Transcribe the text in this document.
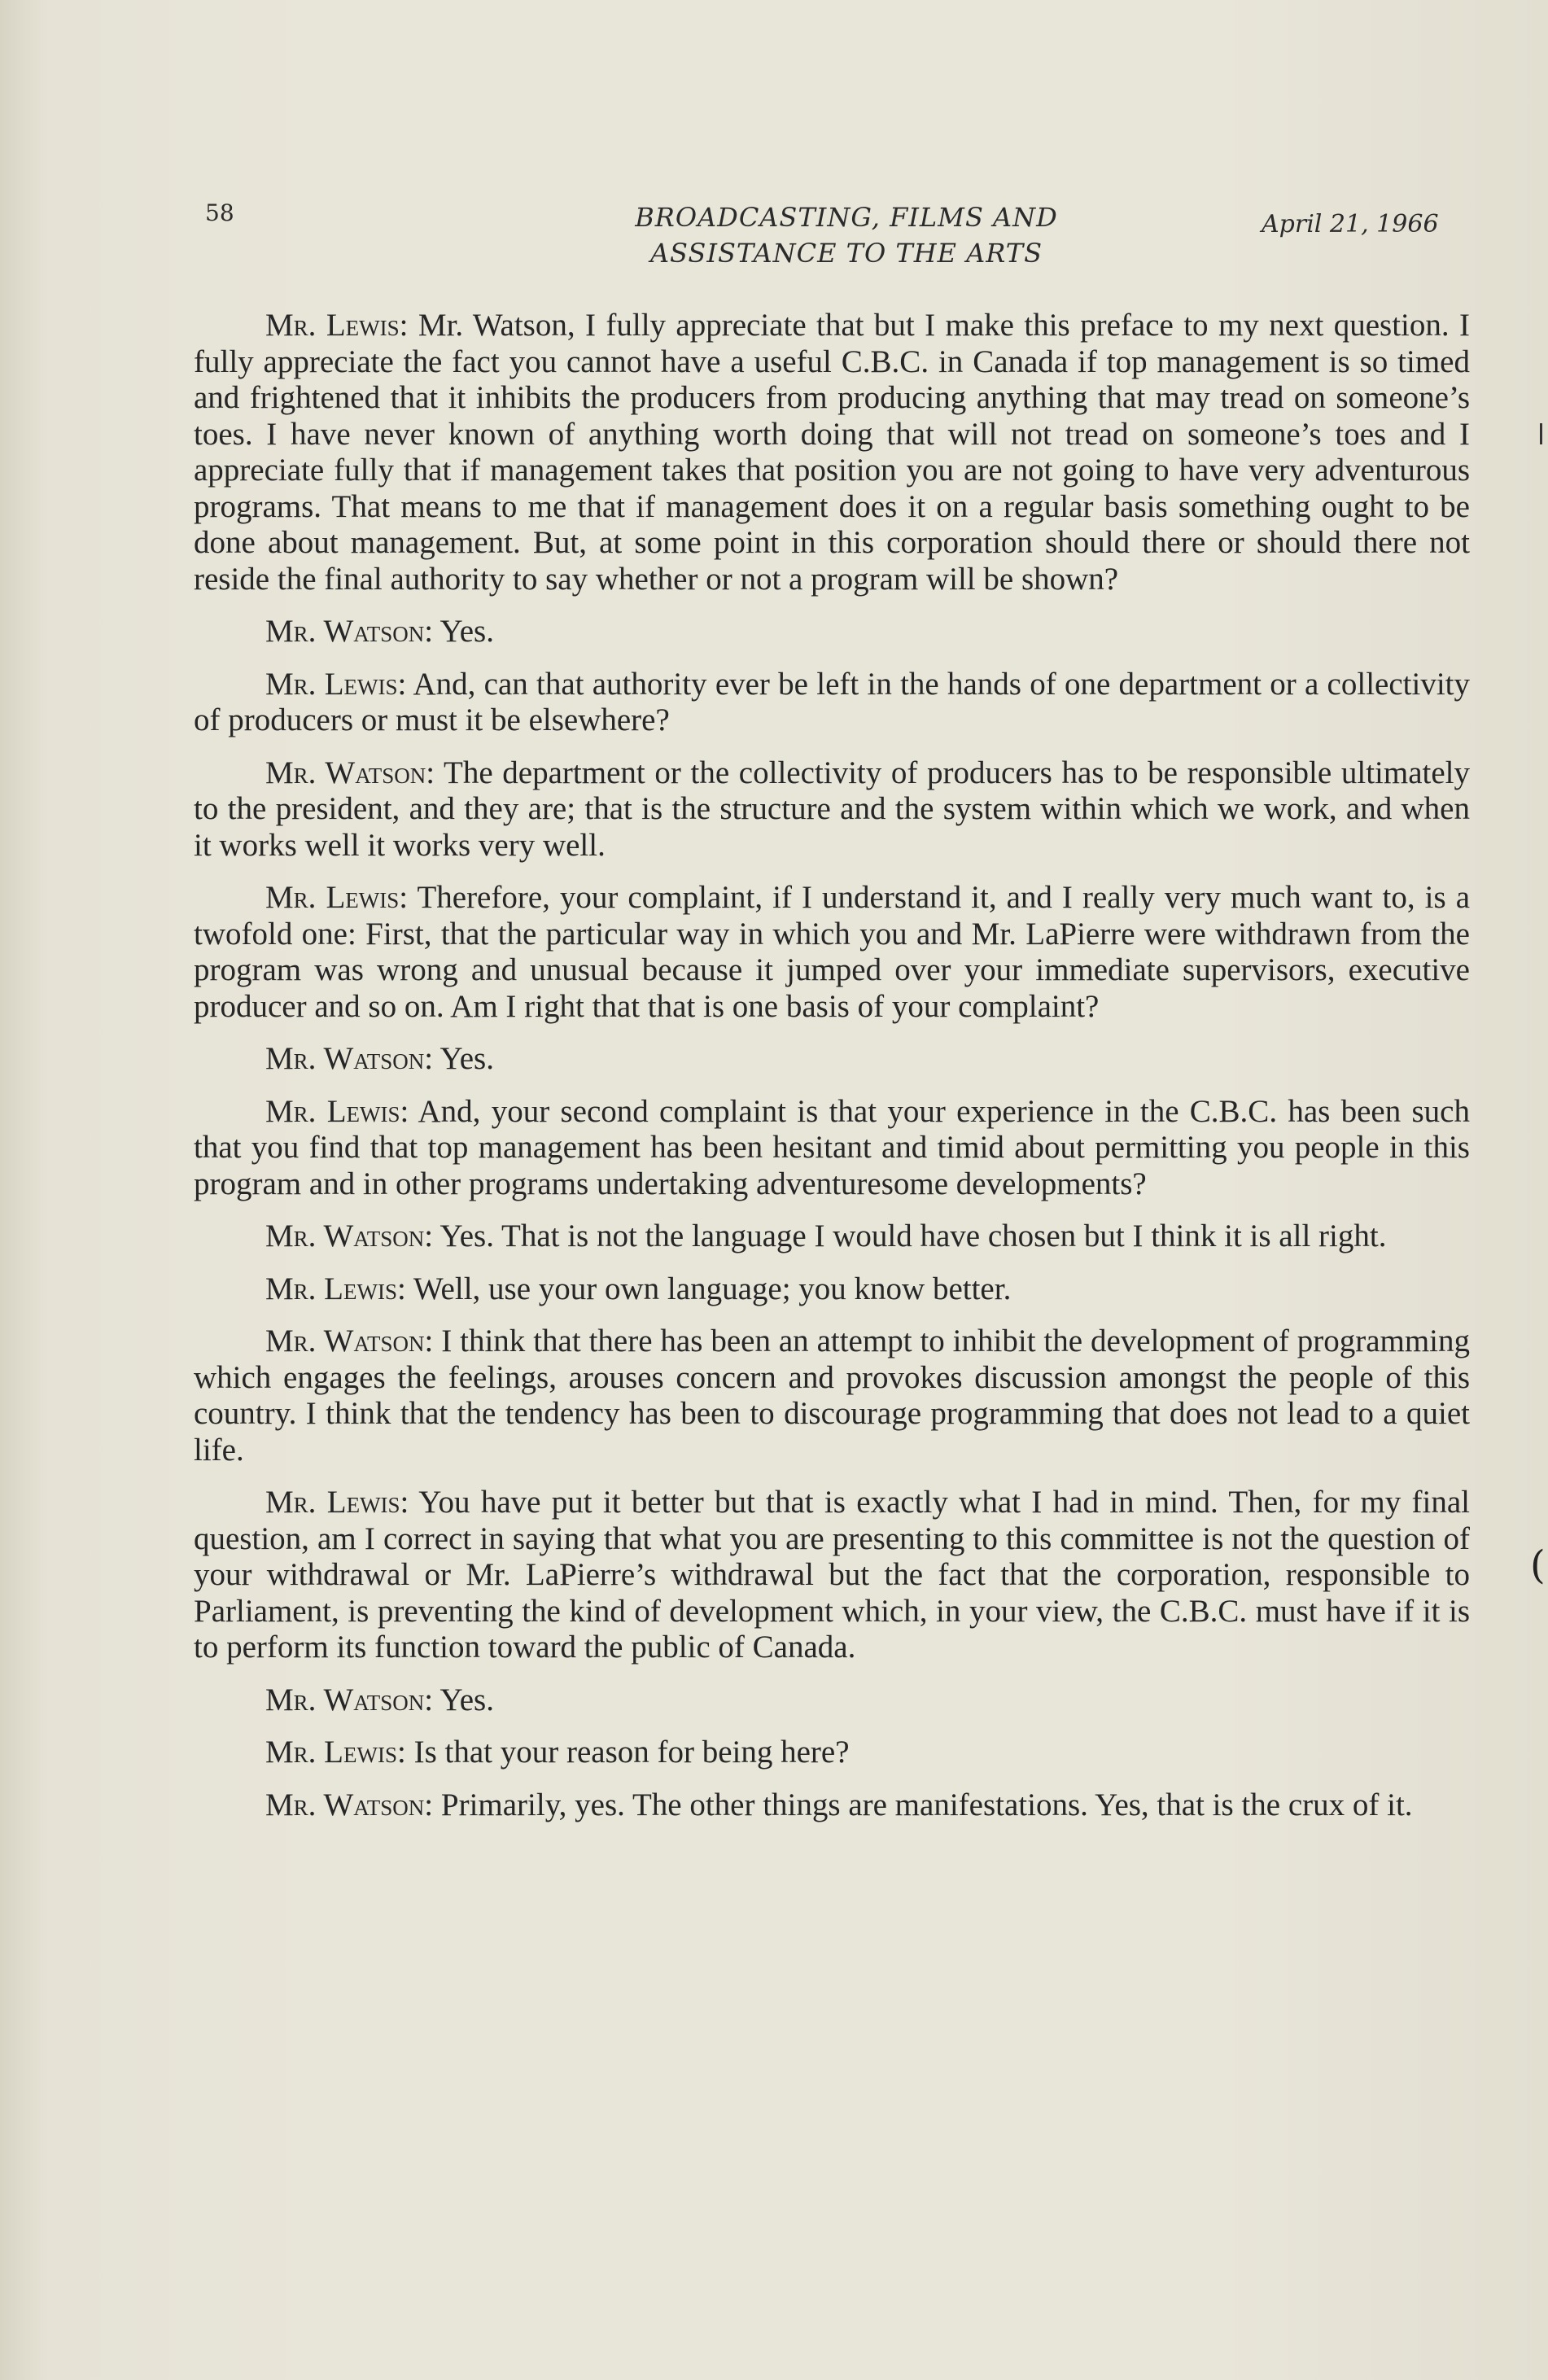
58	BROADCASTING, FILMS AND ASSISTANCE TO THE ARTS
April 21, 1966

Mr. Lewis: Mr. Watson, I fully appreciate that but I make this preface to my next question. I fully appreciate the fact you cannot have a useful C.B.C. in Canada if top management is so timed and frightened that it inhibits the producers from producing anything that may tread on someone’s toes. I have never known of anything worth doing that will not tread on someone’s toes and I appreciate fully that if management takes that position you are not going to have very adventurous programs. That means to me that if management does it on a regular basis something ought to be done about management. But, at some point in this corporation should there or should there not reside the final authority to say whether or not a program will be shown?

Mr. Watson: Yes.

Mr. Lewis: And, can that authority ever be left in the hands of one department or a collectivity of producers or must it be elsewhere?

Mr. Watson: The department or the collectivity of producers has to be responsible ultimately to the president, and they are; that is the structure and the system within which we work, and when it works well it works very well.

Mr. Lewis: Therefore, your complaint, if I understand it, and I really very much want to, is a twofold one: First, that the particular way in which you and Mr. LaPierre were withdrawn from the program was wrong and unusual because it jumped over your immediate supervisors, executive producer and so on. Am I right that that is one basis of your complaint?

Mr. Watson: Yes.

Mr. Lewis: And, your second complaint is that your experience in the C.B.C. has been such that you find that top management has been hesitant and timid about permitting you people in this program and in other programs undertaking adventuresome developments?

Mr. Watson: Yes. That is not the language I would have chosen but I think it is all right.

Mr. Lewis: Well, use your own language; you know better.

Mr. Watson: I think that there has been an attempt to inhibit the development of programming which engages the feelings, arouses concern and provokes discussion amongst the people of this country. I think that the tendency has been to discourage programming that does not lead to a quiet life.

Mr. Lewis: You have put it better but that is exactly what I had in mind. Then, for my final question, am I correct in saying that what you are presenting to this committee is not the question of your withdrawal or Mr. LaPierre’s withdrawal but the fact that the corporation, responsible to Parliament, is preventing the kind of development which, in your view, the C.B.C. must have if it is to perform its function toward the public of Canada.

Mr. Watson: Yes.

Mr. Lewis: Is that your reason for being here?

Mr. Watson: Primarily, yes. The other things are manifestations. Yes, that is the crux of it.

(
